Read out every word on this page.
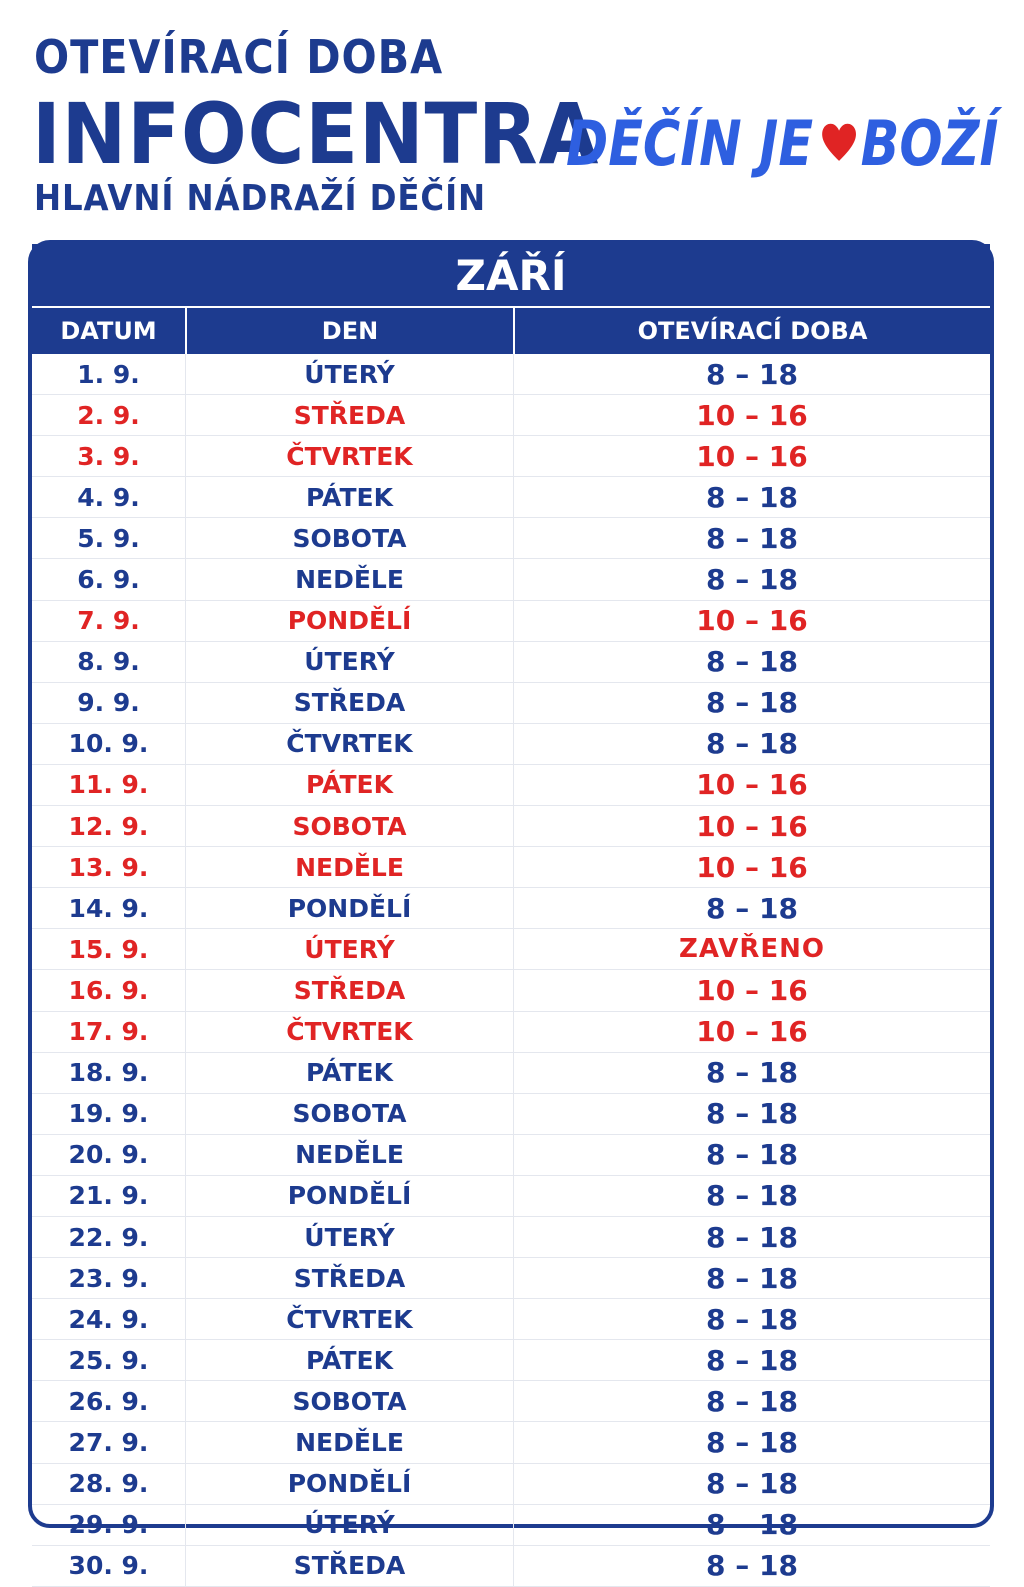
OTEVÍRACÍ DOBA
INFOCENTRA
HLAVNÍ NÁDRAŽÍ DĚČÍN
DĚČÍN JE BOŽÍ
ZÁŘÍ
DATUM	DEN	OTEVÍRACÍ DOBA
1. 9.	ÚTERÝ	8 – 18
2. 9.	STŘEDA	10 – 16
3. 9.	ČTVRTEK	10 – 16
4. 9.	PÁTEK	8 – 18
5. 9.	SOBOTA	8 – 18
6. 9.	NEDĚLE	8 – 18
7. 9.	PONDĚLÍ	10 – 16
8. 9.	ÚTERÝ	8 – 18
9. 9.	STŘEDA	8 – 18
10. 9.	ČTVRTEK	8 – 18
11. 9.	PÁTEK	10 – 16
12. 9.	SOBOTA	10 – 16
13. 9.	NEDĚLE	10 – 16
14. 9.	PONDĚLÍ	8 – 18
15. 9.	ÚTERÝ	ZAVŘENO
16. 9.	STŘEDA	10 – 16
17. 9.	ČTVRTEK	10 – 16
18. 9.	PÁTEK	8 – 18
19. 9.	SOBOTA	8 – 18
20. 9.	NEDĚLE	8 – 18
21. 9.	PONDĚLÍ	8 – 18
22. 9.	ÚTERÝ	8 – 18
23. 9.	STŘEDA	8 – 18
24. 9.	ČTVRTEK	8 – 18
25. 9.	PÁTEK	8 – 18
26. 9.	SOBOTA	8 – 18
27. 9.	NEDĚLE	8 – 18
28. 9.	PONDĚLÍ	8 – 18
29. 9.	ÚTERÝ	8 – 18
30. 9.	STŘEDA	8 – 18
